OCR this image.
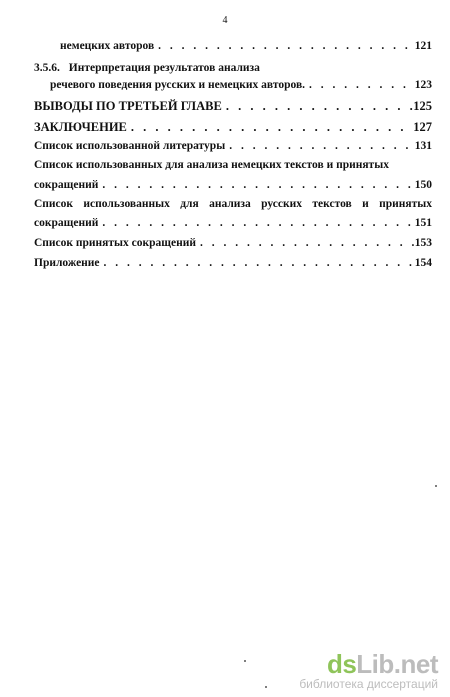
4
немецких авторов . . .	121
3.5.6. Интерпретация результатов анализа
речевого поведения русских и немецких авторов. . . .	123
ВЫВОДЫ ПО ТРЕТЬЕЙ ГЛАВЕ . . .	125
ЗАКЛЮЧЕНИЕ . . .	127
Список использованной литературы . . .	131
Список использованных для анализа немецких текстов и принятых
сокращений . . .	150
Список использованных для анализа русских текстов и принятых
сокращений . . .	151
Список принятых сокращений . . .	153
Приложение . . .	154
dsLib.net
библиотека диссертаций
